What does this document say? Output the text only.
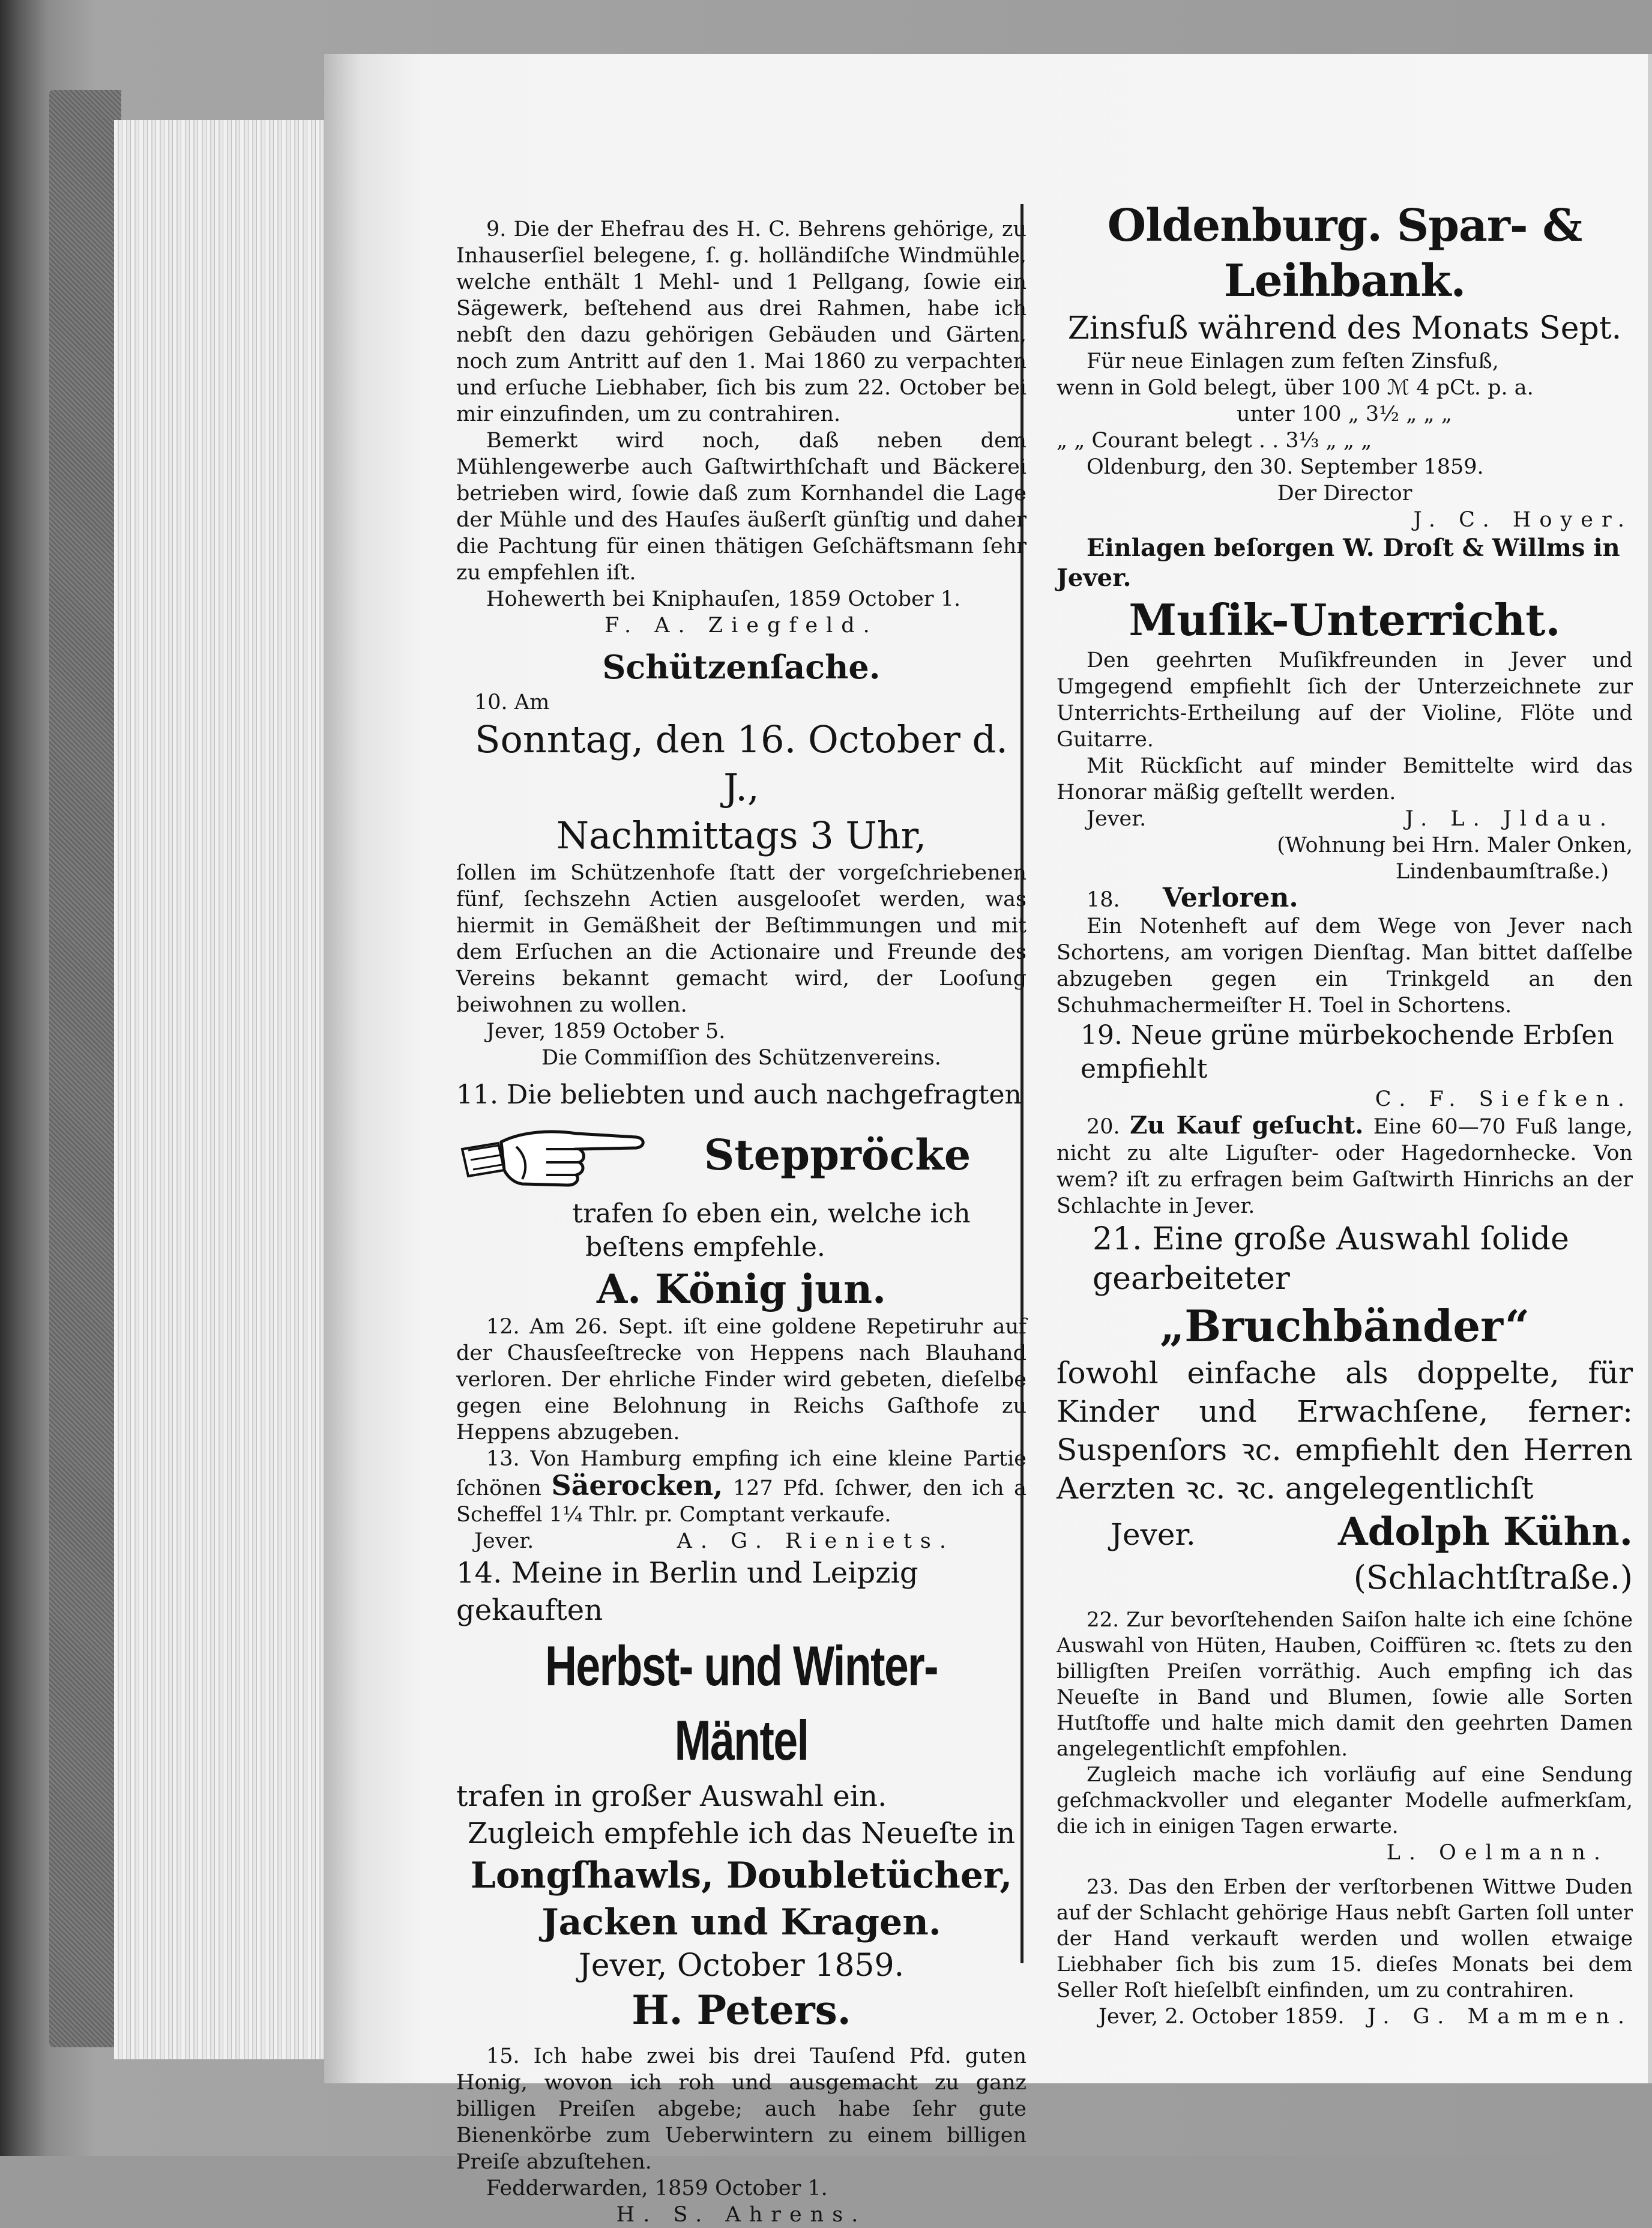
9. Die der Ehefrau des H. C. Behrens gehörige, zu Inhauserſiel belegene, ſ. g. holländiſche Windmühle, welche enthält 1 Mehl- und 1 Pellgang, ſowie ein Sägewerk, beſtehend aus drei Rahmen, habe ich nebſt den dazu gehörigen Gebäuden und Gärten, noch zum Antritt auf den 1. Mai 1860 zu verpachten und erſuche Liebhaber, ſich bis zum 22. October bei mir einzufinden, um zu contrahiren.

Bemerkt wird noch, daß neben dem Mühlengewerbe auch Gaſtwirthſchaft und Bäckerei betrieben wird, ſowie daß zum Kornhandel die Lage der Mühle und des Hauſes äußerſt günſtig und daher die Pachtung für einen thätigen Geſchäftsmann ſehr zu empfehlen iſt.

Hohewerth bei Kniphauſen, 1859 October 1.

F. A. Ziegfeld.

Schützenſache.

10. Am

Sonntag, den 16. October d. J.,

Nachmittags 3 Uhr,

ſollen im Schützenhofe ſtatt der vorgeſchriebenen fünf, ſechszehn Actien ausgelooſet werden, was hiermit in Gemäßheit der Beſtimmungen und mit dem Erſuchen an die Actionaire und Freunde des Vereins bekannt gemacht wird, der Looſung beiwohnen zu wollen.

Jever, 1859 October 5.

Die Commiſſion des Schützenvereins.

11. Die beliebten und auch nachgefragten

Steppröcke

trafen ſo eben ein, welche ich

beſtens empfehle.

A. König jun.

12. Am 26. Sept. iſt eine goldene Repetiruhr auf der Chausſeeſtrecke von Heppens nach Blauhand verloren. Der ehrliche Finder wird gebeten, dieſelbe gegen eine Belohnung in Reichs Gaſthofe zu Heppens abzugeben.

13. Von Hamburg empfing ich eine kleine Partie ſchönen Säerocken, 127 Pfd. ſchwer, den ich a Scheffel 1¼ Thlr. pr. Comptant verkaufe.

Jever.	A. G. Rieniets.

14. Meine in Berlin und Leipzig gekauften

Herbst- und Winter-Mäntel

trafen in großer Auswahl ein.

Zugleich empfehle ich das Neueſte in

Longſhawls, Doubletücher,

Jacken und Kragen.

Jever, October 1859.

H. Peters.

15. Ich habe zwei bis drei Tauſend Pfd. guten Honig, wovon ich roh und ausgemacht zu ganz billigen Preiſen abgebe; auch habe ſehr gute Bienenkörbe zum Ueberwintern zu einem billigen Preiſe abzuſtehen.

Fedderwarden, 1859 October 1.

H. S. Ahrens.

Oldenburg. Spar- & Leihbank.

Zinsfuß während des Monats Sept.

Für neue Einlagen zum feſten Zinsfuß,

wenn in Gold belegt, über 100 ℳ 4 pCt. p. a.

unter 100 „ 3½ „ „ „

„ „ Courant belegt . . 3⅓ „ „ „

Oldenburg, den 30. September 1859.

Der Director

J. C. Hoyer.

Einlagen beſorgen W. Droſt & Willms in Jever.

Muſik-Unterricht.

Den geehrten Muſikfreunden in Jever und Umgegend empfiehlt ſich der Unterzeichnete zur Unterrichts-Ertheilung auf der Violine, Flöte und Guitarre.

Mit Rückſicht auf minder Bemittelte wird das Honorar mäßig geſtellt werden.

Jever.	J. L. Jldau.

(Wohnung bei Hrn. Maler Onken,

Lindenbaumſtraße.)

18. Verloren.

Ein Notenheft auf dem Wege von Jever nach Schortens, am vorigen Dienſtag. Man bittet daſſelbe abzugeben gegen ein Trinkgeld an den Schuhmachermeiſter H. Toel in Schortens.

19. Neue grüne mürbekochende Erbſen empfiehlt

C. F. Siefken.

20. Zu Kauf geſucht. Eine 60—70 Fuß lange, nicht zu alte Liguſter- oder Hagedornhecke. Von wem? iſt zu erfragen beim Gaſtwirth Hinrichs an der Schlachte in Jever.

21. Eine große Auswahl ſolide gearbeiteter

„Bruchbänder“

ſowohl einfache als doppelte, für Kinder und Erwachſene, ferner: Suspenſors ꝛc. empfiehlt den Herren Aerzten ꝛc. ꝛc. angelegentlichſt

Jever.	Adolph Kühn.

(Schlachtſtraße.)

22. Zur bevorſtehenden Saiſon halte ich eine ſchöne Auswahl von Hüten, Hauben, Coiffüren ꝛc. ſtets zu den billigſten Preiſen vorräthig. Auch empfing ich das Neueſte in Band und Blumen, ſowie alle Sorten Hutſtoffe und halte mich damit den geehrten Damen angelegentlichſt empfohlen.

Zugleich mache ich vorläufig auf eine Sendung geſchmackvoller und eleganter Modelle aufmerkſam, die ich in einigen Tagen erwarte.

L. Oelmann.

23. Das den Erben der verſtorbenen Wittwe Duden auf der Schlacht gehörige Haus nebſt Garten ſoll unter der Hand verkauft werden und wollen etwaige Liebhaber ſich bis zum 15. dieſes Monats bei dem Seller Roſt hieſelbſt einfinden, um zu contrahiren.

Jever, 2. October 1859. J. G. Mammen.
